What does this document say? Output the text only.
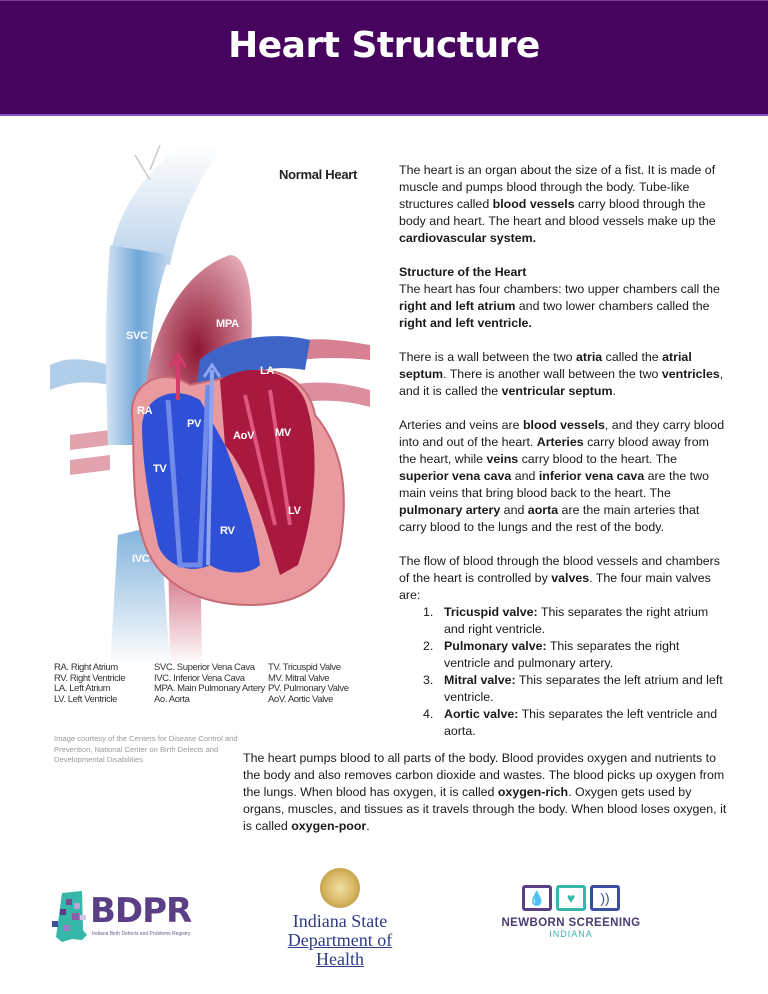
Heart Structure
Normal Heart
Ao
MPA
SVC
LA
RA
PV
AoV MV
TV
LV
RV
IVC
RA. Right Atrium
RV. Right Ventricle
LA. Left Atrium
LV. Left Ventricle
SVC. Superior Vena Cava
IVC. Inferior Vena Cava
MPA. Main Pulmonary Artery
Ao. Aorta
TV. Tricuspid Valve
MV. Mitral Valve
PV. Pulmonary Valve
AoV. Aortic Valve
Image courtesy of the Centers for Disease Control and Prevention, National Center on Birth Defects and Developmental Disabilities

The heart is an organ about the size of a fist. It is made of muscle and pumps blood through the body. Tube-like structures called blood vessels carry blood through the body and heart. The heart and blood vessels make up the cardiovascular system.

Structure of the Heart
The heart has four chambers: two upper chambers call the right and left atrium and two lower chambers called the right and left ventricle.

There is a wall between the two atria called the atrial septum. There is another wall between the two ventricles, and it is called the ventricular septum.

Arteries and veins are blood vessels, and they carry blood into and out of the heart. Arteries carry blood away from the heart, while veins carry blood to the heart. The superior vena cava and inferior vena cava are the two main veins that bring blood back to the heart. The pulmonary artery and aorta are the main arteries that carry blood to the lungs and the rest of the body.

The flow of blood through the blood vessels and chambers of the heart is controlled by valves. The four main valves are:

1. Tricuspid valve: This separates the right atrium and right ventricle.
2. Pulmonary valve: This separates the right ventricle and pulmonary artery.
3. Mitral valve: This separates the left atrium and left ventricle.
4. Aortic valve: This separates the left ventricle and aorta.

The heart pumps blood to all parts of the body. Blood provides oxygen and nutrients to the body and also removes carbon dioxide and wastes. The blood picks up oxygen from the lungs. When blood has oxygen, it is called oxygen-rich. Oxygen gets used by organs, muscles, and tissues as it travels through the body. When blood loses oxygen, it is called oxygen-poor.

BDPR
Indiana Birth Defects and Problems Registry
Indiana State
Department of Health
💧	♥	))
NEWBORN SCREENING
INDIANA
